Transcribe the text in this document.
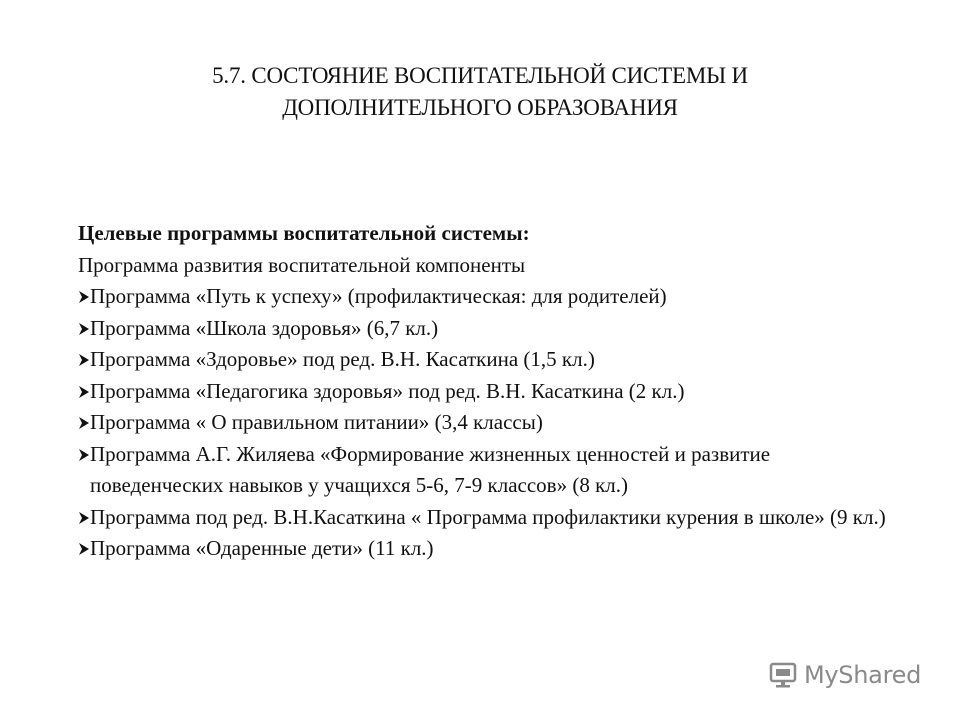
5.7. СОСТОЯНИЕ ВОСПИТАТЕЛЬНОЙ СИСТЕМЫ И
ДОПОЛНИТЕЛЬНОГО ОБРАЗОВАНИЯ
Целевые программы воспитательной системы:
Программа развития воспитательной компоненты
Программа «Путь к успеху» (профилактическая: для родителей)
Программа «Школа здоровья» (6,7 кл.)
Программа «Здоровье» под ред. В.Н. Касаткина (1,5 кл.)
Программа «Педагогика здоровья» под ред. В.Н. Касаткина (2 кл.)
Программа « О правильном питании» (3,4 классы)
Программа А.Г. Жиляева «Формирование жизненных ценностей и развитие поведенческих навыков у учащихся 5-6, 7-9 классов» (8 кл.)
Программа под ред. В.Н.Касаткина « Программа профилактики курения в школе» (9 кл.)
Программа «Одаренные дети» (11 кл.)
MyShared
